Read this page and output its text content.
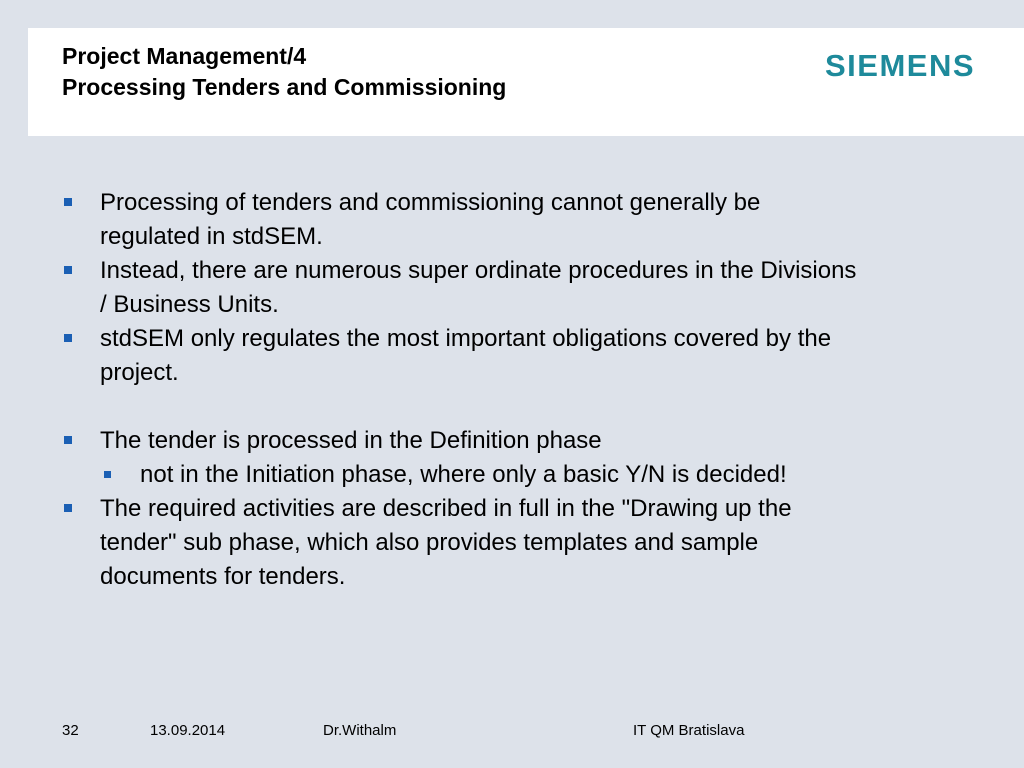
Project Management/4
Processing Tenders and Commissioning
SIEMENS
Processing of tenders and commissioning cannot generally be regulated in stdSEM.
Instead, there are numerous super ordinate procedures in the Divisions / Business Units.
stdSEM only regulates the most important obligations covered by the project.
The tender is processed in the Definition phase
not in the Initiation phase, where only a basic Y/N is decided!
The required activities are described in full in the "Drawing up the tender" sub phase, which also provides templates and sample documents for tenders.
32	13.09.2014	Dr.Withalm	IT QM Bratislava
